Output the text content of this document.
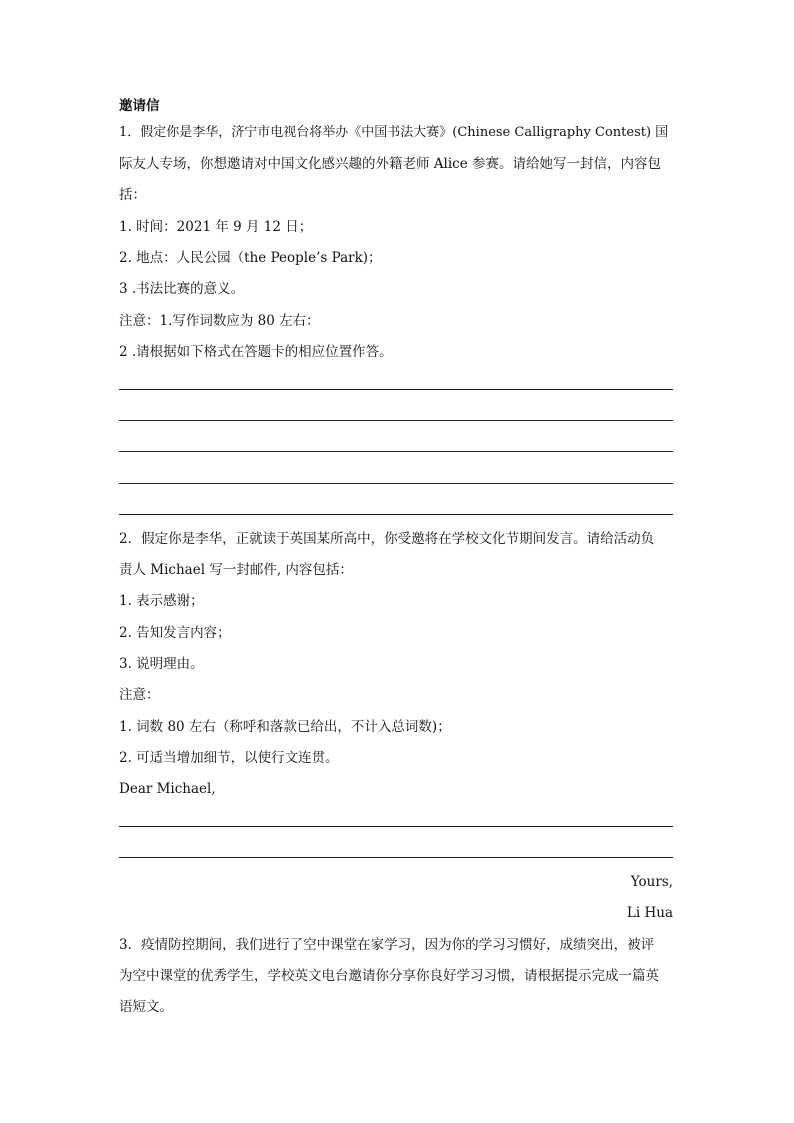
邀请信
1．假定你是李华，济宁市电视台将举办《中国书法大赛》(Chinese Calligraphy Contest) 国
际友人专场，你想邀请对中国文化感兴趣的外籍老师 Alice 参赛。请给她写一封信，内容包
括：
1. 时间：2021 年 9 月 12 日；
2. 地点：人民公园（the People’s Park)；
3 .书法比赛的意义。
注意：1.写作词数应为 80 左右：
2 .请根据如下格式在答题卡的相应位置作答。
2．假定你是李华，正就读于英国某所高中，你受邀将在学校文化节期间发言。请给活动负
责人 Michael 写一封邮件, 内容包括：
1. 表示感谢；
2. 告知发言内容；
3. 说明理由。
注意：
1. 词数 80 左右（称呼和落款已给出，不计入总词数)；
2. 可适当增加细节，以使行文连贯。
Dear Michael,
Yours,
Li Hua
3．疫情防控期间，我们进行了空中课堂在家学习，因为你的学习习惯好，成绩突出，被评
为空中课堂的优秀学生，学校英文电台邀请你分享你良好学习习惯，请根据提示完成一篇英
语短文。
